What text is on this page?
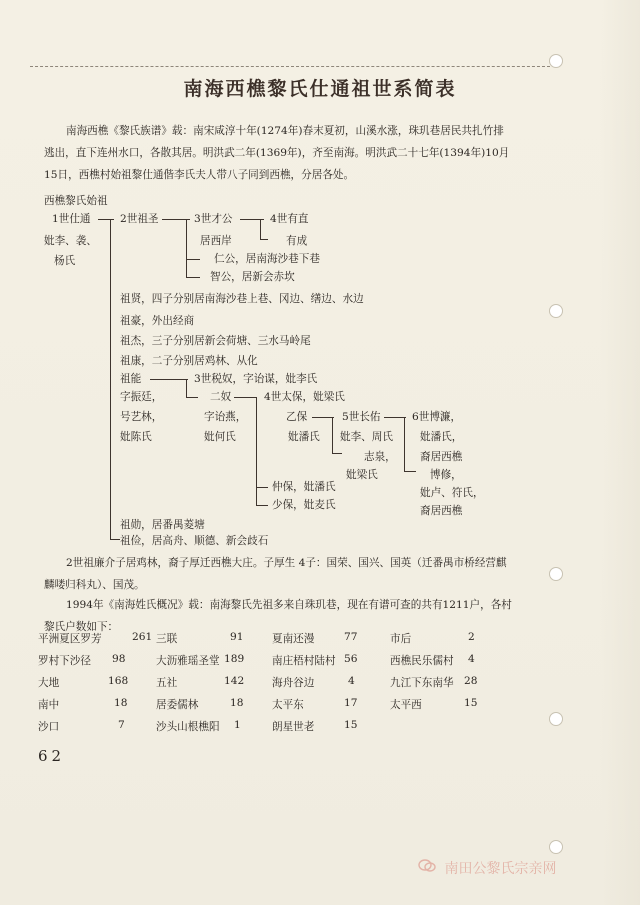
南海西樵黎氏仕通祖世系简表
南海西樵《黎氏族谱》载：南宋咸淳十年(1274年)春末夏初，山溪水涨，珠玑巷居民共扎竹排逃出，直下连州水口，各散其居。明洪武二年(1369年)，齐至南海。明洪武二十七年(1394年)10月15日，西樵村始祖黎仕通偕李氏夫人带八子同到西樵，分居各处。
西樵黎氏始祖
1世仕通
妣李、袭、
杨氏
2世祖圣	3世才公
居西岸
4世有直
有成
仁公，居南海沙巷下巷
智公，居新会赤坎
祖贤，四子分别居南海沙巷上巷、冈边、缮边、水边
祖豪，外出经商
祖杰，三子分别居新会荷塘、三水马岭尾
祖康，二子分别居鸡林、从化
祖能
字振廷，
号艺林，
妣陈氏
3世税奴，字诒谋，妣李氏
二奴
字诒燕，
妣何氏
4世太保，妣梁氏
乙保
妣潘氏
5世长佑
妣李、周氏
志泉，
妣梁氏
6世博濂，
妣潘氏，
裔居西樵
博修，
妣卢、符氏，
裔居西樵
仲保，妣潘氏
少保，妣麦氏
祖勋，居番禺菱塘
祖俭，居高舟、顺德、新会歧石
2世祖廉介子居鸡林，裔子厚迁西樵大庄。子厚生 4子：国荣、国兴、国英（迁番禺市桥经营麒麟喽归科丸）、国茂。
1994年《南海姓氏概况》载：南海黎氏先祖多来自珠玑巷，现在有谱可查的共有1211户，各村黎氏户数如下：
平洲夏区罗芳	261 三联	91	夏南还漫	77	市后	2
罗村下沙径 98	大沥雅瑶圣堂 189	南庄梧村陆村 56	西樵民乐儒村 4
大地	168	五社	142	海舟谷边	4	九江下东南华 28
南中	18	居委儒林	18	太平东	17	太平西	15
沙口	7	沙头山根樵阳 1	朗星世老	15
62
南田公黎氏宗亲网
